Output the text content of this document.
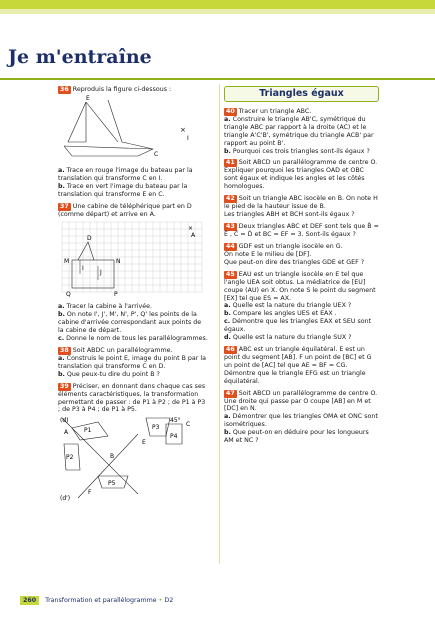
Je m'entraîne

36 Reproduis la figure ci-dessous :

E
C
×
I

a. Trace en rouge l'image du bateau par la translation qui transforme C en I.

b. Trace en vert l'image du bateau par la translation qui transforme E en C.

37 Une cabine de téléphérique part en D (comme départ) et arrive en A.

D
M	N
I
J
Q	P
×
A

a. Tracer la cabine à l'arrivée.

b. On note I', J', M', N', P', Q' les points de la cabine d'arrivée correspondant aux points de la cabine de départ.

c. Donne le nom de tous les parallélogrammes.

38 Soit ABDC un parallélogramme.

a. Construis le point E, image du point B par la translation qui transforme C en D.

b. Que peux-tu dire du point B ?

39 Préciser, en donnant dans chaque cas ses éléments caractéristiques, la transformation permettant de passer : de P1 à P2 ; de P1 à P3 ; de P3 à P4 ; de P1 à P5.

(d)
(d')
A
B
C
E
F
P1
P2
P3
P4
P5
45°
Triangles égaux

40 Tracer un triangle ABC.

a. Construire le triangle AB'C, symétrique du triangle ABC par rapport à la droite (AC) et le triangle A'C'B', symétrique du triangle ACB' par rapport au point B'.

b. Pourquoi ces trois triangles sont-ils égaux ?

41 Soit ABCD un parallélogramme de centre O. Expliquer pourquoi les triangles OAD et OBC sont égaux et indique les angles et les côtés homologues.

42 Soit un triangle ABC isocèle en B. On note H le pied de la hauteur issue de B.

Les triangles ABH et BCH sont-ils égaux ?

43 Deux triangles ABC et DEF sont tels que B̂ = Ê , Ĉ = D̂ et BC = EF = 3. Sont-ils égaux ?

44 GDF est un triangle isocèle en G.

On note E le milieu de [DF].

Que peut-on dire des triangles GDE et GEF ?

45 EAU est un triangle isocèle en E tel que l'angle UEA soit obtus. La médiatrice de [EU] coupe (AU) en X. On note S le point du segment [EX] tel que ES = AX.

a. Quelle est la nature du triangle UEX ?

b. Compare les angles UES et EAX .

c. Démontre que les triangles EAX et SEU sont égaux.

d. Quelle est la nature du triangle SUX ?

46 ABC est un triangle équilatéral. E est un point du segment [AB]. F un point de [BC] et G un point de [AC] tel que AE = BF = CG.

Démontre que le triangle EFG est un triangle équilatéral.

47 Soit ABCD un parallélogramme de centre O. Une droite qui passe par O coupe [AB] en M et [DC] en N.

a. Démontrer que les triangles OMA et ONC sont isométriques.

b. Que peut-on en déduire pour les longueurs AM et NC ?

260 Transformation et parallélogramme • D2
